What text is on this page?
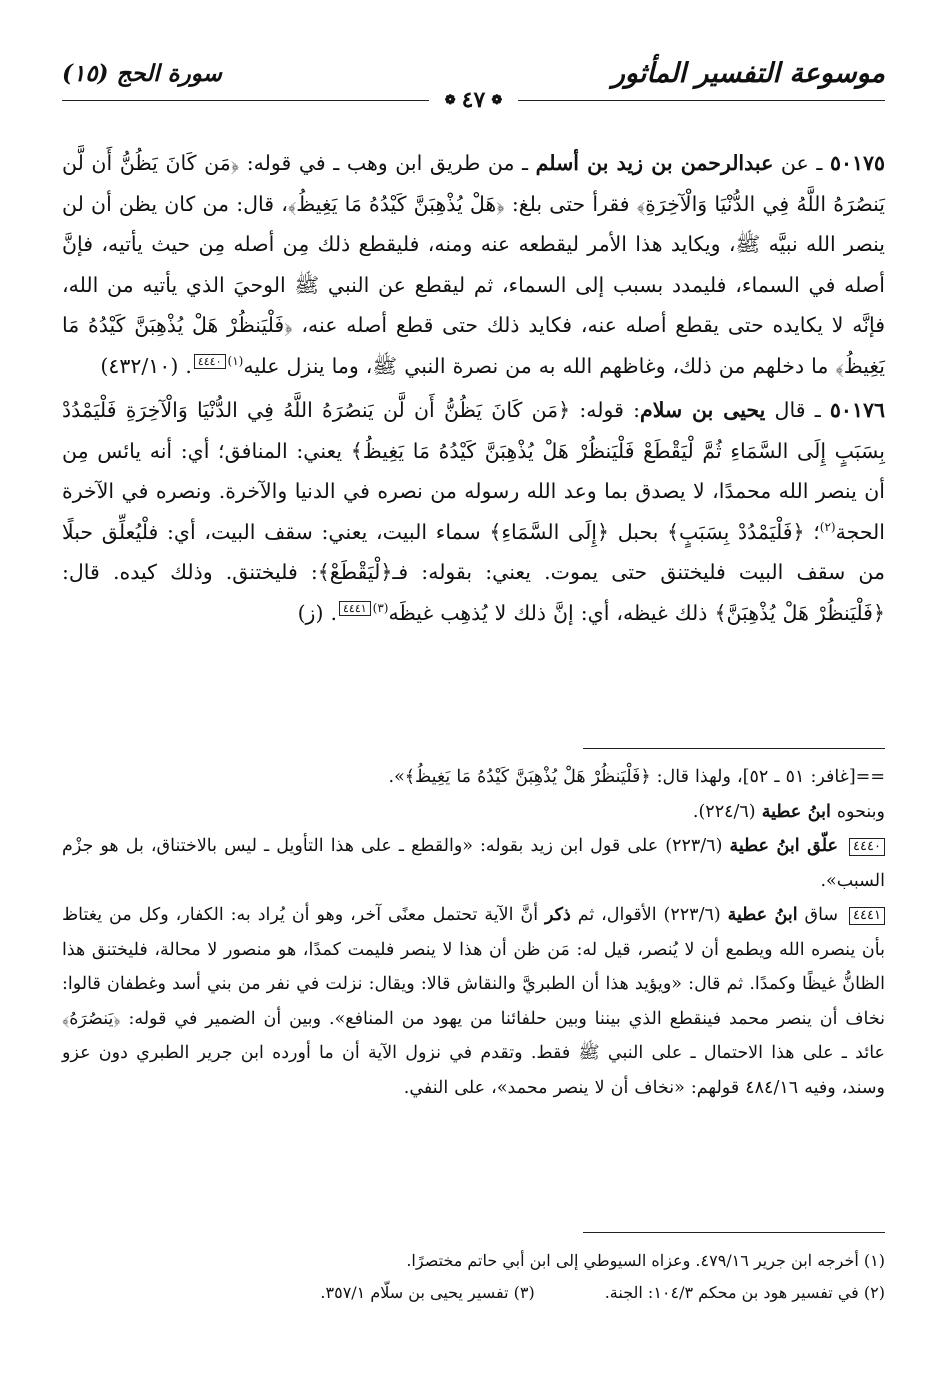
موسوعة التفسير المأثور
سورة الحج (١٥)
❁٤٧❁

٥٠١٧٥ ـ عن عبدالرحمن بن زيد بن أسلم ـ من طريق ابن وهب ـ في قوله: ﴿مَن كَانَ يَظُنُّ أَن لَّن يَنصُرَهُ اللَّهُ فِي الدُّنْيَا وَالْآخِرَةِ﴾ فقرأ حتى بلغ: ﴿هَلْ يُذْهِبَنَّ كَيْدُهُ مَا يَغِيظُ﴾، قال: من كان يظن أن لن ينصر الله نبيَّه ﷺ، ويكايد هذا الأمر ليقطعه عنه ومنه، فليقطع ذلك مِن أصله مِن حيث يأتيه، فإنَّ أصله في السماء، فليمدد بسبب إلى السماء، ثم ليقطع عن النبي ﷺ الوحيَ الذي يأتيه من الله، فإنَّه لا يكايده حتى يقطع أصله عنه، فكايد ذلك حتى قطع أصله عنه، ﴿فَلْيَنظُرْ هَلْ يُذْهِبَنَّ كَيْدُهُ مَا يَغِيظُ﴾ ما دخلهم من ذلك، وغاظهم الله به من نصرة النبي ﷺ، وما ينزل عليه$^{(١)}$٤٤٤٠. (٤٣٢/١٠)

٥٠١٧٦ ـ قال يحيى بن سلام: قوله: ﴿مَن كَانَ يَظُنُّ أَن لَّن يَنصُرَهُ اللَّهُ فِي الدُّنْيَا وَالْآخِرَةِ فَلْيَمْدُدْ بِسَبَبٍ إِلَى السَّمَاءِ ثُمَّ لْيَقْطَعْ فَلْيَنظُرْ هَلْ يُذْهِبَنَّ كَيْدُهُ مَا يَغِيظُ﴾ يعني: المنافق؛ أي: أنه يائس مِن أن ينصر الله محمدًا، لا يصدق بما وعد الله رسوله من نصره في الدنيا والآخرة. ونصره في الآخرة الحجة$^{(٢)}$؛ ﴿فَلْيَمْدُدْ بِسَبَبٍ﴾ بحبل ﴿إِلَى السَّمَاءِ﴾ سماء البيت، يعني: سقف البيت، أي: فلْيُعلِّق حبلًا من سقف البيت فليختنق حتى يموت. يعني: بقوله: فـ﴿لْيَقْطَعْ﴾: فليختنق. وذلك كيده. قال: ﴿فَلْيَنظُرْ هَلْ يُذْهِبَنَّ﴾ ذلك غيظه، أي: إنَّ ذلك لا يُذهِب غيظَه$^{(٣)}$٤٤٤١. (ز)

==[غافر: ٥١ ـ ٥٢]، ولهذا قال: ﴿فَلْيَنظُرْ هَلْ يُذْهِبَنَّ كَيْدُهُ مَا يَغِيظُ﴾».

وبنحوه ابنُ عطية (٢٢٤/٦).

٤٤٤٠ علّق ابنُ عطية (٢٢٣/٦) على قول ابن زيد بقوله: «والقطع ـ على هذا التأويل ـ ليس بالاختناق، بل هو جزْم السبب».

٤٤٤١ ساق ابنُ عطية (٢٢٣/٦) الأقوال، ثم ذكر أنَّ الآية تحتمل معنًى آخر، وهو أن يُراد به: الكفار، وكل من يغتاظ بأن ينصره الله ويطمع أن لا يُنصر، قيل له: مَن ظن أن هذا لا ينصر فليمت كمدًا، هو منصور لا محالة، فليختنق هذا الظانُّ غيظًا وكمدًا. ثم قال: «ويؤيد هذا أن الطبريَّ والنقاش قالا: ويقال: نزلت في نفر من بني أسد وغطفان قالوا: نخاف أن ينصر محمد فينقطع الذي بيننا وبين حلفائنا من يهود من المنافع». وبين أن الضمير في قوله: ﴿يَنصُرَهُ﴾ عائد ـ على هذا الاحتمال ـ على النبي ﷺ فقط. وتقدم في نزول الآية أن ما أورده ابن جرير الطبري دون عزو وسند، وفيه ٤٨٤/١٦ قولهم: «نخاف أن لا ينصر محمد»، على النفي.

(١) أخرجه ابن جرير ٤٧٩/١٦. وعزاه السيوطي إلى ابن أبي حاتم مختصرًا.

(٢) في تفسير هود بن محكم ١٠٤/٣: الجنة.(٣) تفسير يحيى بن سلّام ٣٥٧/١.
